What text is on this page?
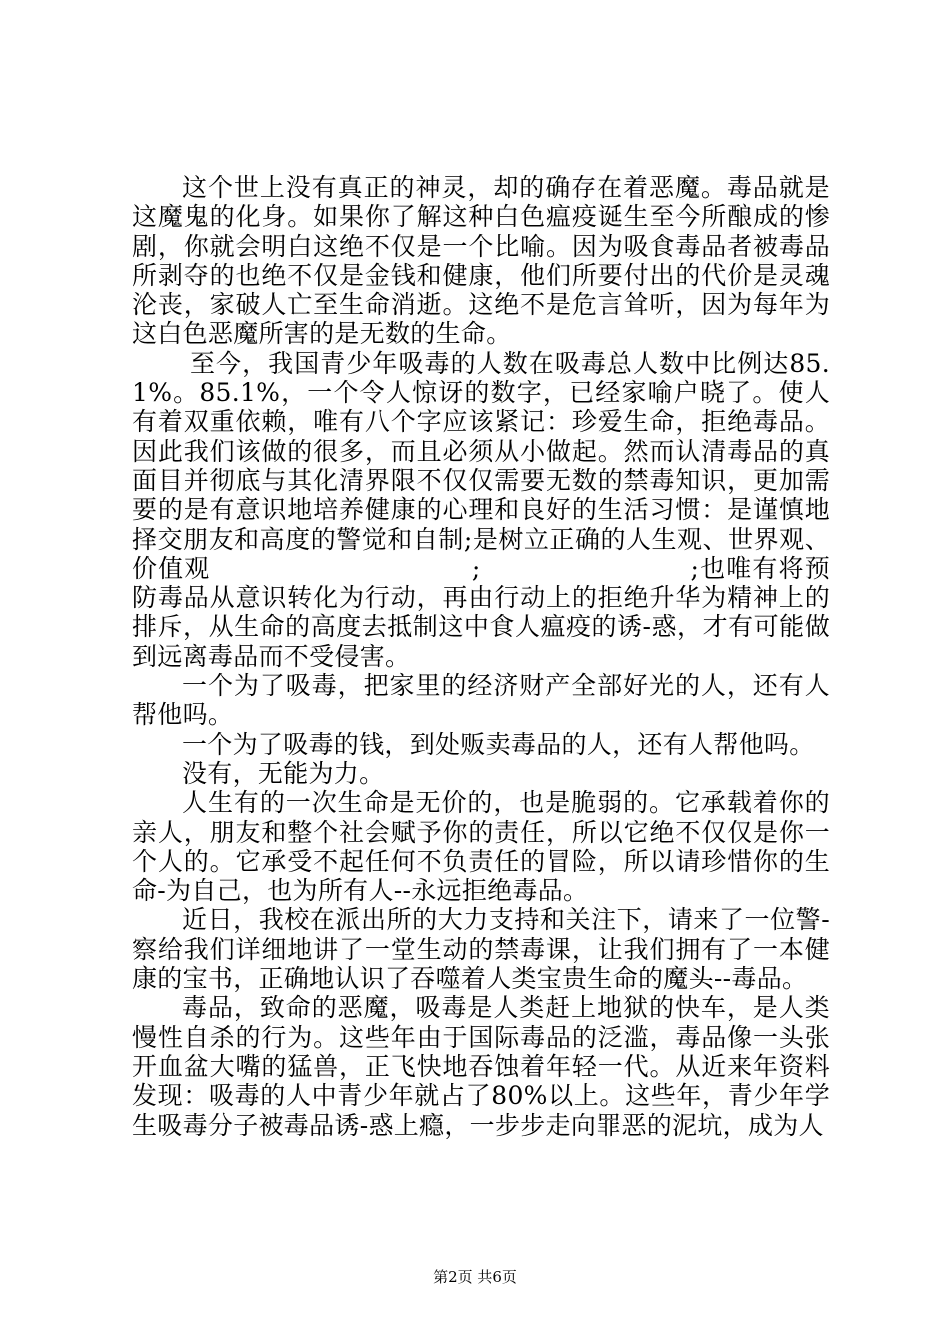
这个世上没有真正的神灵，却的确存在着恶魔。毒品就是这魔鬼的化身。如果你了解这种白色瘟疫诞生至今所酿成的惨剧，你就会明白这绝不仅是一个比喻。因为吸食毒品者被毒品所剥夺的也绝不仅是金钱和健康，他们所要付出的代价是灵魂沦丧，家破人亡至生命消逝。这绝不是危言耸听，因为每年为这白色恶魔所害的是无数的生命。

至今，我国青少年吸毒的人数在吸毒总人数中比例达85.1%。85.1%，一个令人惊讶的数字，已经家喻户晓了。使人有着双重依赖，唯有八个字应该紧记：珍爱生命，拒绝毒品。因此我们该做的很多，而且必须从小做起。然而认清毒品的真面目并彻底与其化清界限不仅仅需要无数的禁毒知识，更加需要的是有意识地培养健康的心理和良好的生活习惯：是谨慎地择交朋友和高度的警觉和自制;是树立正确的人生观、世界观、价值观　　　　　　　　　　;　　　　　　　　;也唯有将预防毒品从意识转化为行动，再由行动上的拒绝升华为精神上的排斥，从生命的高度去抵制这中食人瘟疫的诱-惑，才有可能做到远离毒品而不受侵害。

一个为了吸毒，把家里的经济财产全部好光的人，还有人帮他吗。

一个为了吸毒的钱，到处贩卖毒品的人，还有人帮他吗。

没有，无能为力。

人生有的一次生命是无价的，也是脆弱的。它承载着你的亲人，朋友和整个社会赋予你的责任，所以它绝不仅仅是你一个人的。它承受不起任何不负责任的冒险，所以请珍惜你的生命-为自己，也为所有人--永远拒绝毒品。

近日，我校在派出所的大力支持和关注下，请来了一位警-察给我们详细地讲了一堂生动的禁毒课，让我们拥有了一本健康的宝书，正确地认识了吞噬着人类宝贵生命的魔头--毒品。

毒品，致命的恶魔，吸毒是人类赶上地狱的快车，是人类慢性自杀的行为。这些年由于国际毒品的泛滥，毒品像一头张开血盆大嘴的猛兽，正飞快地吞蚀着年轻一代。从近来年资料发现：吸毒的人中青少年就占了80%以上。这些年，青少年学生吸毒分子被毒品诱-惑上瘾，一步步走向罪恶的泥坑，成为人

第2页 共6页
